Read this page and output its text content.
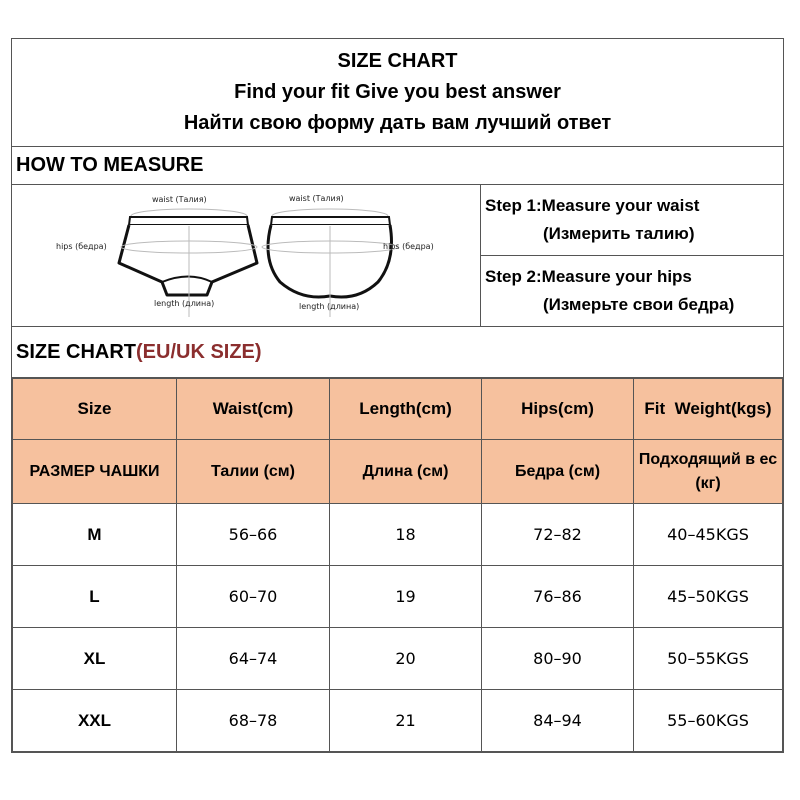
SIZE CHART
Find your fit Give you best answer
Найти свою форму дать вам лучший ответ
HOW TO MEASURE
waist (Талия)	waist (Талия)
hips (бедра)	hips (бедра)
length (длина)	length (длина)
Step 1:Measure your waist
(Измерить талию)
Step 2:Measure your hips
(Измерьте свои бедра)
SIZE CHART(EU/UK SIZE)
Size	Waist(cm)	Length(cm)	Hips(cm)	Fit  Weight(kgs)
РАЗМЕР ЧАШКИ	Талии (см)	Длина (см)	Бедра (см)	Подходящий в ес (кг)
M	56–66	18	72–82	40–45KGS
L	60–70	19	76–86	45–50KGS
XL	64–74	20	80–90	50–55KGS
XXL	68–78	21	84–94	55–60KGS
